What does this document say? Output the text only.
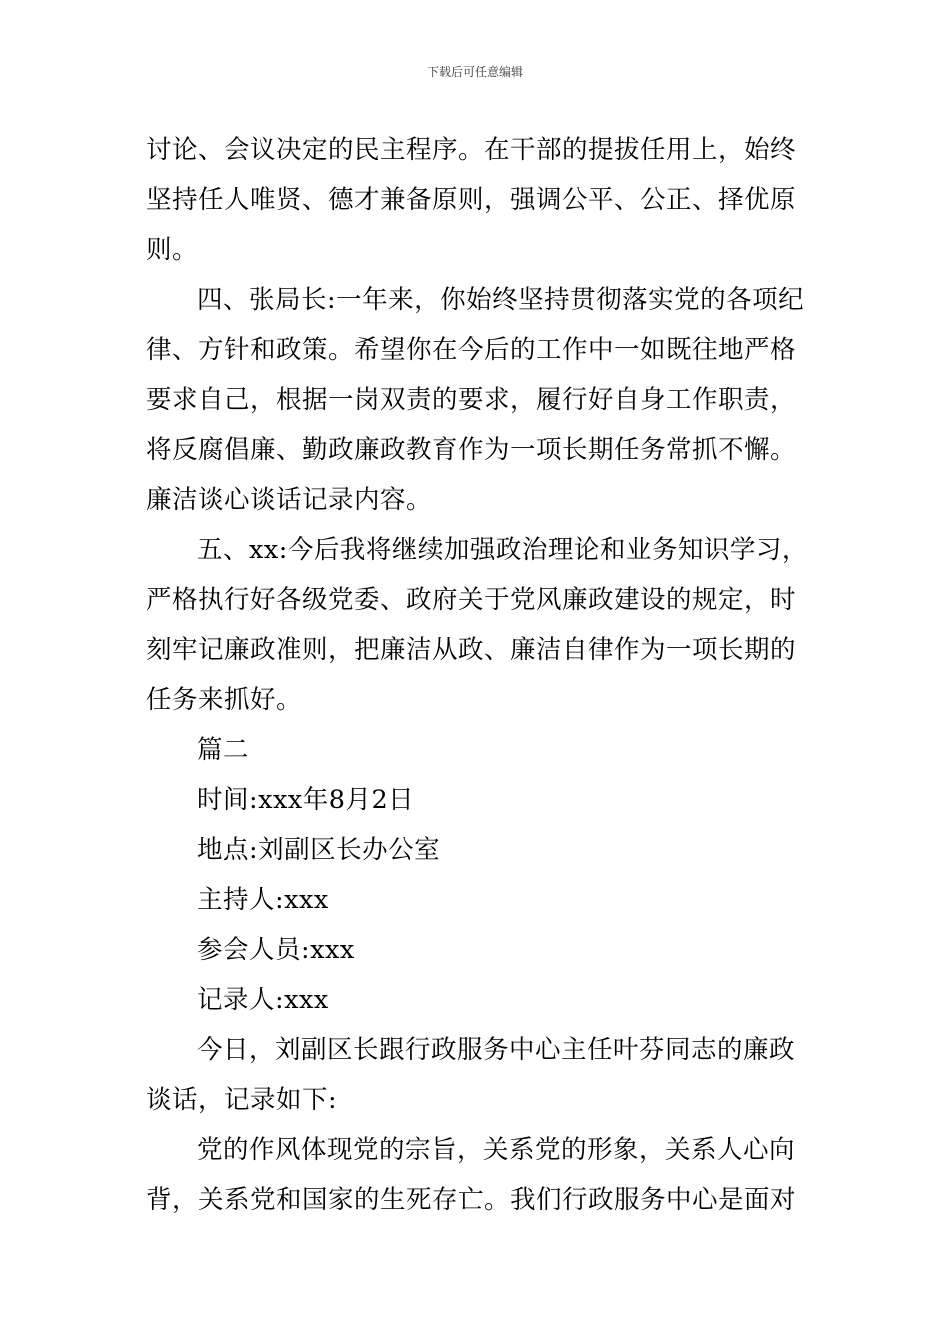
下载后可任意编辑
讨论、会议决定的民主程序。在干部的提拔任用上，始终
坚持任人唯贤、德才兼备原则，强调公平、公正、择优原
则。
四、张局长:一年来，你始终坚持贯彻落实党的各项纪
律、方针和政策。希望你在今后的工作中一如既往地严格
要求自己，根据一岗双责的要求，履行好自身工作职责，
将反腐倡廉、勤政廉政教育作为一项长期任务常抓不懈。
廉洁谈心谈话记录内容。
五、xx:今后我将继续加强政治理论和业务知识学习，
严格执行好各级党委、政府关于党风廉政建设的规定，时
刻牢记廉政准则，把廉洁从政、廉洁自律作为一项长期的
任务来抓好。
篇二
时间:xxx年8月2日
地点:刘副区长办公室
主持人:xxx
参会人员:xxx
记录人:xxx
今日，刘副区长跟行政服务中心主任叶芬同志的廉政
谈话，记录如下:
党的作风体现党的宗旨，关系党的形象，关系人心向
背，关系党和国家的生死存亡。我们行政服务中心是面对
